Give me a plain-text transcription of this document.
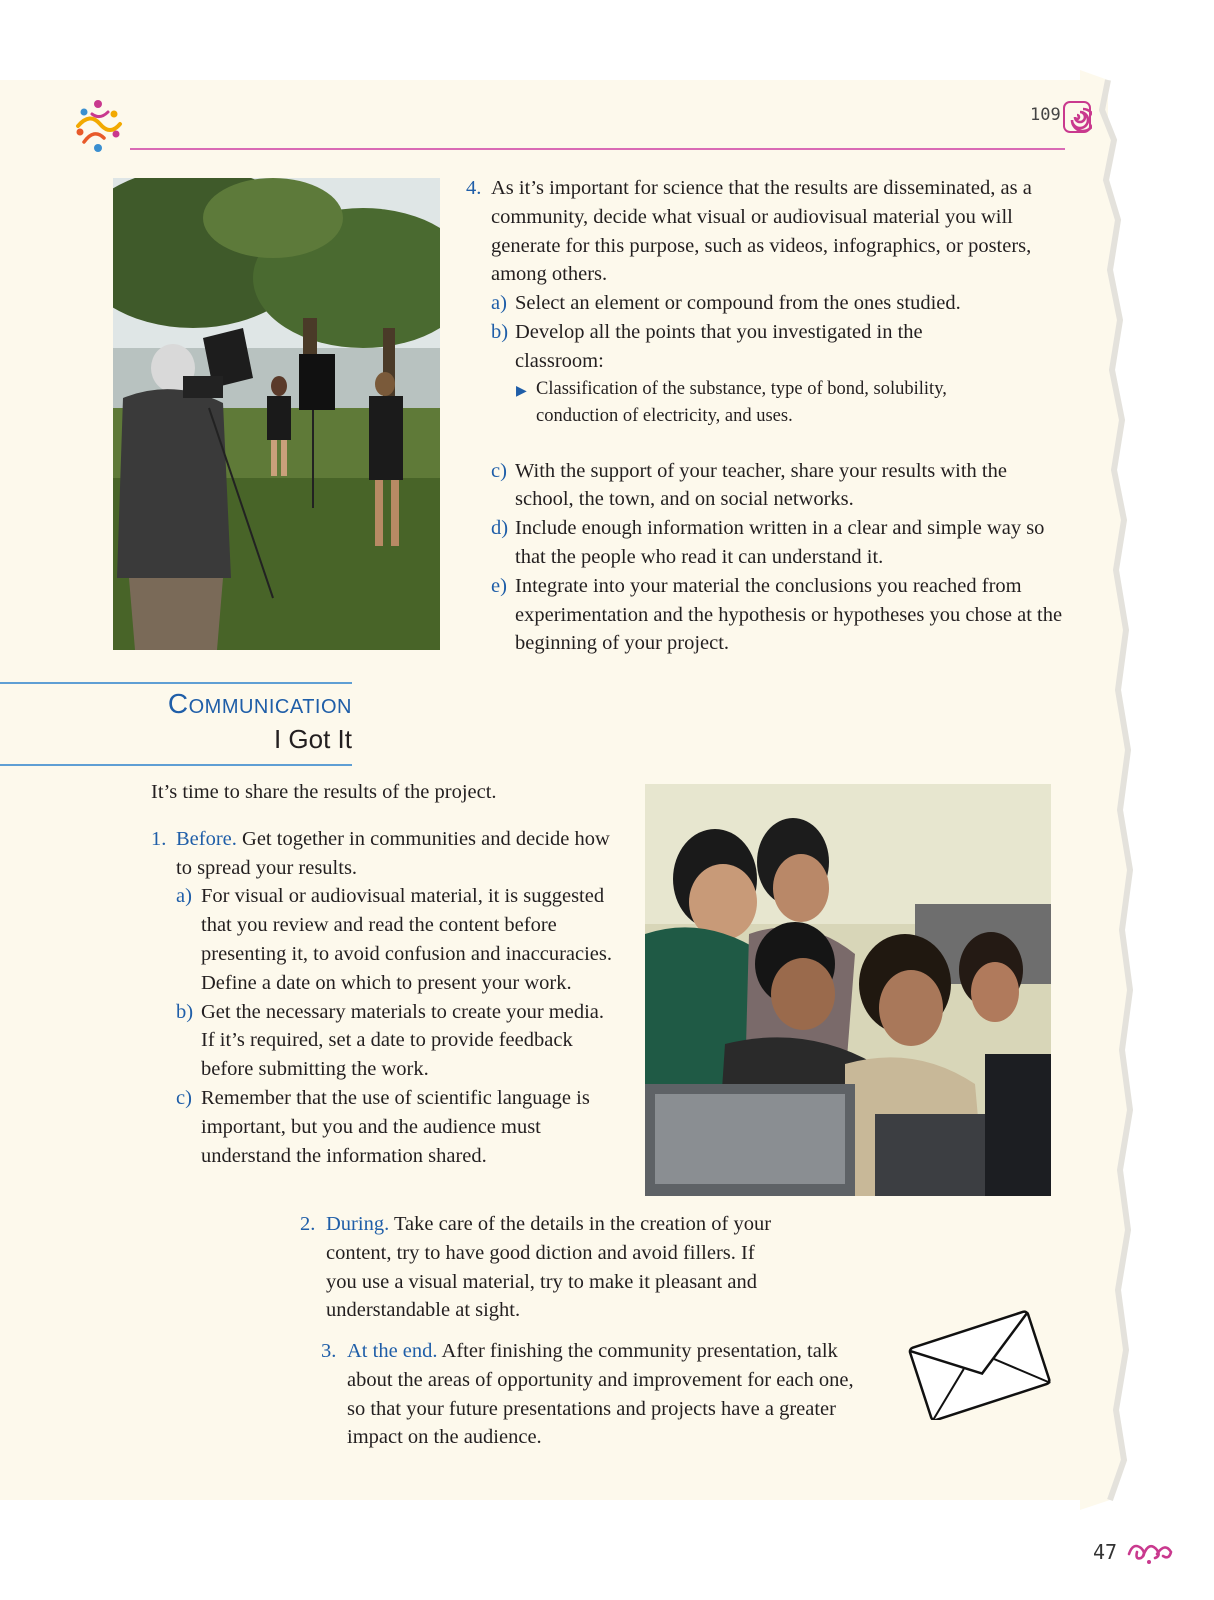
109
4. As it’s important for science that the results are disseminated, as a community, decide what visual or audiovisual material you will generate for this purpose, such as videos, infographics, or posters, among others.
a) Select an element or compound from the ones studied.
b) Develop all the points that you investigated in the classroom:
▶ Classification of the substance, type of bond, solubility, conduction of electricity, and uses.
c) With the support of your teacher, share your results with the school, the town, and on social networks.
d) Include enough information written in a clear and simple way so that the people who read it can understand it.
e) Integrate into your material the conclusions you reached from experimentation and the hypothesis or hypotheses you chose at the beginning of your project.
Communication
I Got It
It’s time to share the results of the project.
1. Before. Get together in communities and decide how to spread your results.
a) For visual or audiovisual material, it is suggested that you review and read the content before presenting it, to avoid confusion and inaccuracies. Define a date on which to present your work.
b) Get the necessary materials to create your media. If it’s required, set a date to provide feedback before submitting the work.
c) Remember that the use of scientific language is important, but you and the audience must understand the information shared.
2. During. Take care of the details in the creation of your content, try to have good diction and avoid fillers. If you use a visual material, try to make it pleasant and understandable at sight.
3. At the end. After finishing the community presentation, talk about the areas of opportunity and improvement for each one, so that your future presentations and projects have a greater impact on the audience.
47
